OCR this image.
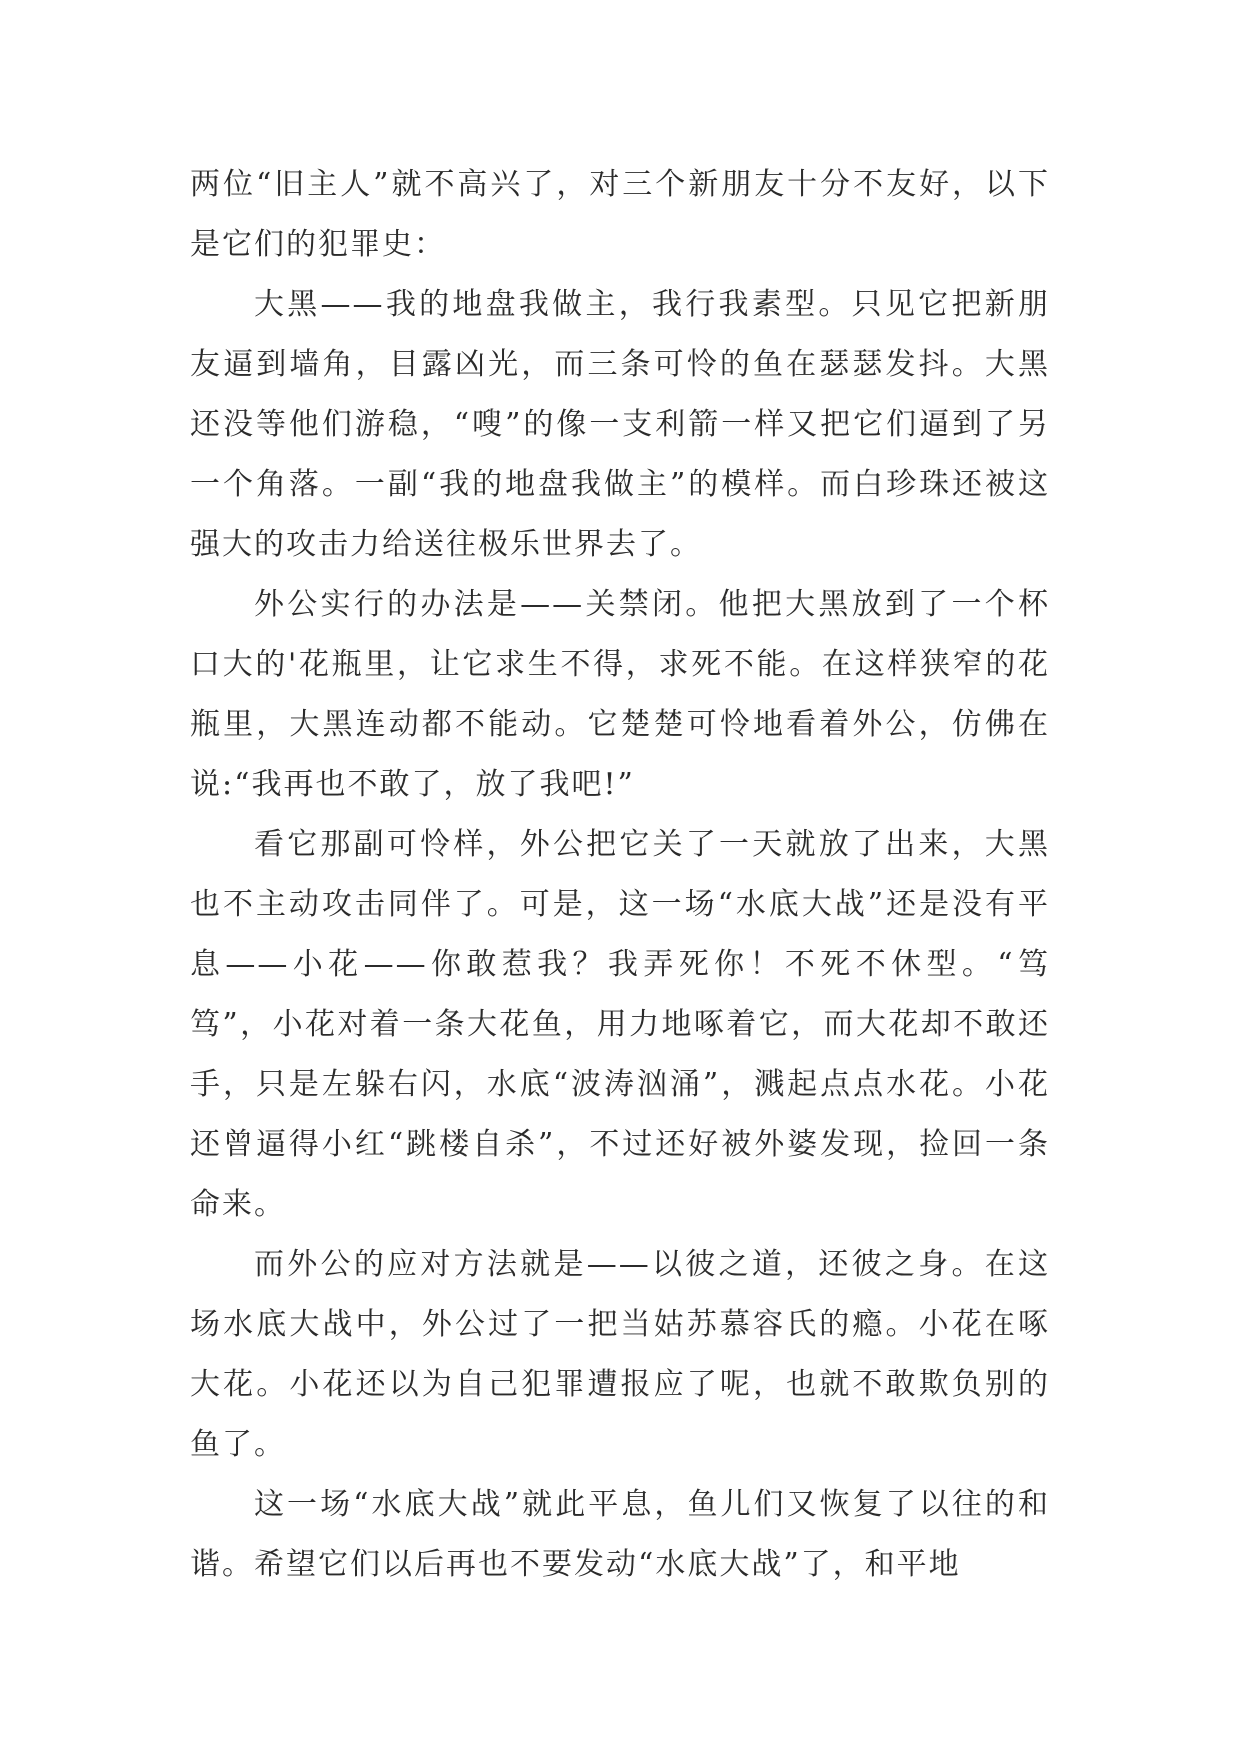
两位“旧主人”就不高兴了，对三个新朋友十分不友好，以下是它们的犯罪史：

大黑——我的地盘我做主，我行我素型。只见它把新朋友逼到墙角，目露凶光，而三条可怜的鱼在瑟瑟发抖。大黑还没等他们游稳，“嗖”的像一支利箭一样又把它们逼到了另一个角落。一副“我的地盘我做主”的模样。而白珍珠还被这强大的攻击力给送往极乐世界去了。

外公实行的办法是——关禁闭。他把大黑放到了一个杯口大的'花瓶里，让它求生不得，求死不能。在这样狭窄的花瓶里，大黑连动都不能动。它楚楚可怜地看着外公，仿佛在说:“我再也不敢了，放了我吧!”

看它那副可怜样，外公把它关了一天就放了出来，大黑也不主动攻击同伴了。可是，这一场“水底大战”还是没有平息——小花——你敢惹我？我弄死你！不死不休型。“笃笃”，小花对着一条大花鱼，用力地啄着它，而大花却不敢还手，只是左躲右闪，水底“波涛汹涌”，溅起点点水花。小花还曾逼得小红“跳楼自杀”，不过还好被外婆发现，捡回一条命来。

而外公的应对方法就是——以彼之道，还彼之身。在这场水底大战中，外公过了一把当姑苏慕容氏的瘾。小花在啄大花。小花还以为自己犯罪遭报应了呢，也就不敢欺负别的鱼了。

这一场“水底大战”就此平息，鱼儿们又恢复了以往的和谐。希望它们以后再也不要发动“水底大战”了，和平地
